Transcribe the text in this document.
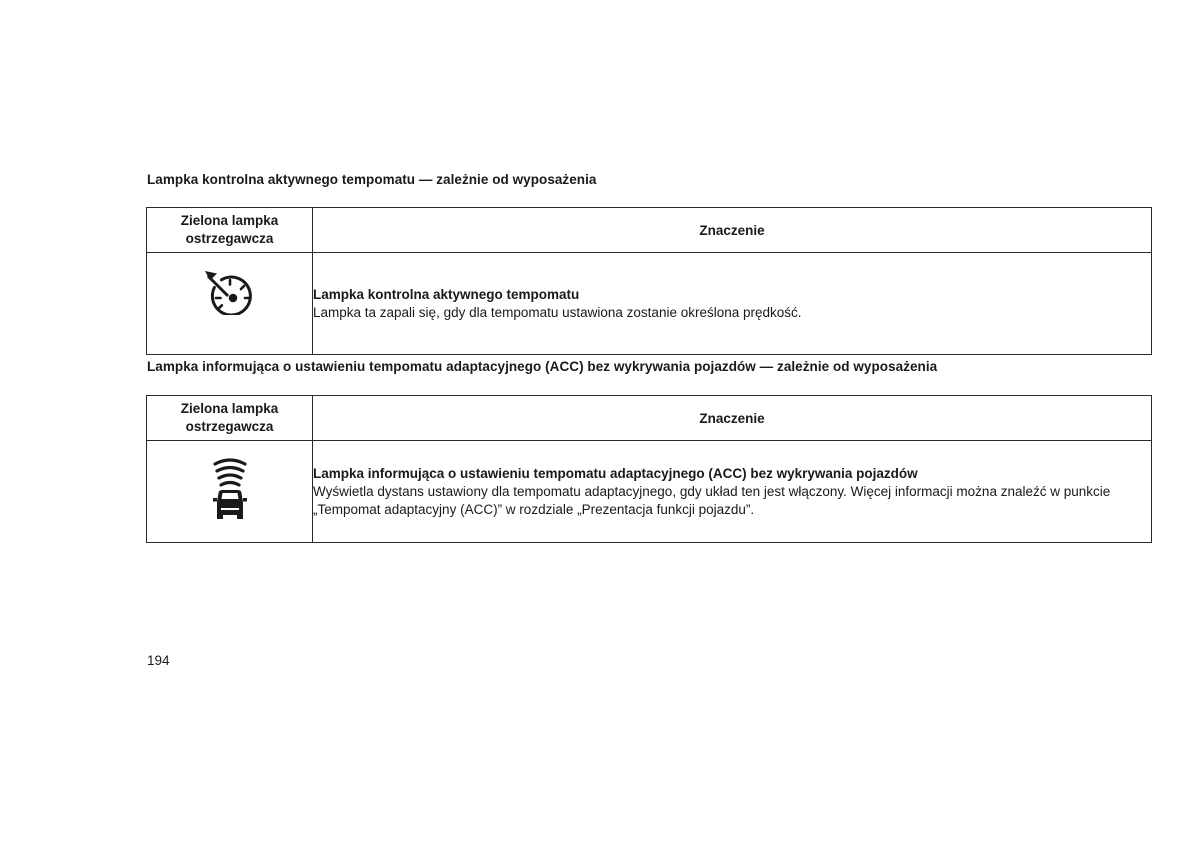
Lampka kontrolna aktywnego tempomatu — zależnie od wyposażenia
Zielona lampka ostrzegawcza	Znaczenie

Lampka kontrolna aktywnego tempomatu
Lampka ta zapali się, gdy dla tempomatu ustawiona zostanie określona prędkość.
Lampka informująca o ustawieniu tempomatu adaptacyjnego (ACC) bez wykrywania pojazdów — zależnie od wyposażenia
Zielona lampka ostrzegawcza	Znaczenie

Lampka informująca o ustawieniu tempomatu adaptacyjnego (ACC) bez wykrywania pojazdów
Wyświetla dystans ustawiony dla tempomatu adaptacyjnego, gdy układ ten jest włączony. Więcej informacji można znaleźć w punkcie „Tempomat adaptacyjny (ACC)” w rozdziale „Prezentacja funkcji pojazdu”.
194
